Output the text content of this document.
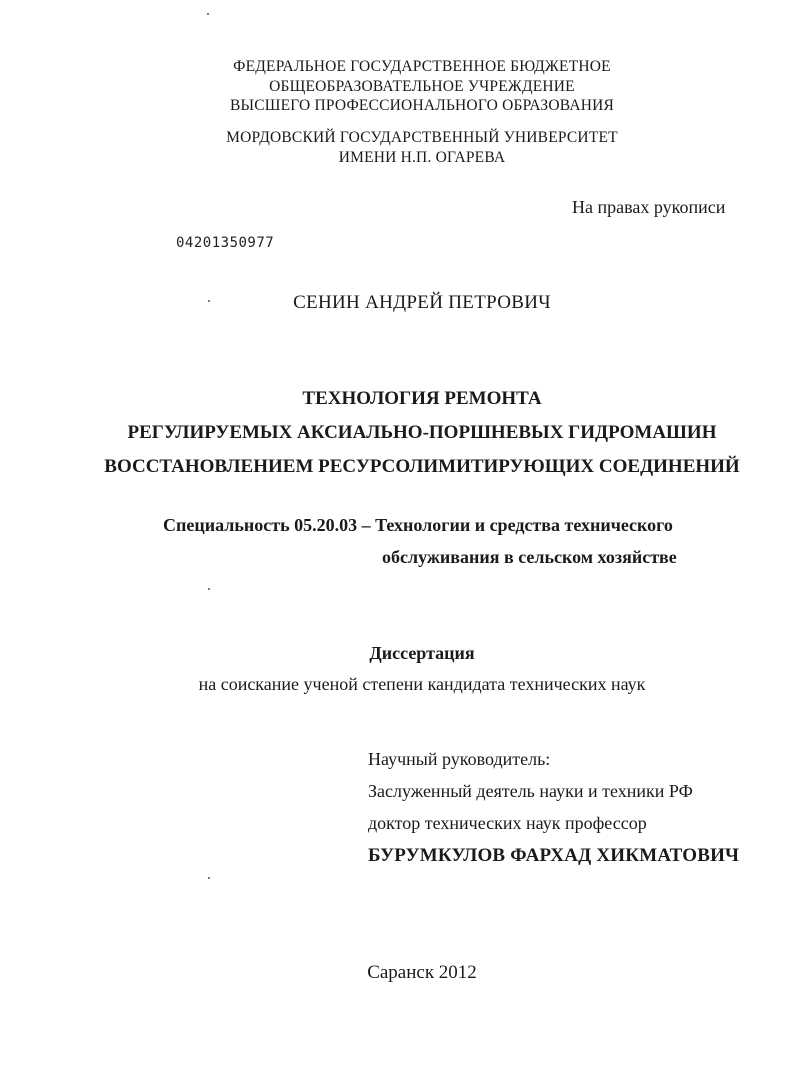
ФЕДЕРАЛЬНОЕ ГОСУДАРСТВЕННОЕ БЮДЖЕТНОЕ
ОБЩЕОБРАЗОВАТЕЛЬНОЕ УЧРЕЖДЕНИЕ
ВЫСШЕГО ПРОФЕССИОНАЛЬНОГО ОБРАЗОВАНИЯ
МОРДОВСКИЙ ГОСУДАРСТВЕННЫЙ УНИВЕРСИТЕТ
ИМЕНИ Н.П. ОГАРЕВА
На правах рукописи
04201350977
СЕНИН АНДРЕЙ ПЕТРОВИЧ
ТЕХНОЛОГИЯ РЕМОНТА
РЕГУЛИРУЕМЫХ АКСИАЛЬНО-ПОРШНЕВЫХ ГИДРОМАШИН
ВОССТАНОВЛЕНИЕМ РЕСУРСОЛИМИТИРУЮЩИХ СОЕДИНЕНИЙ
Специальность 05.20.03 – Технологии и средства технического
обслуживания в сельском хозяйстве
Диссертация
на соискание ученой степени кандидата технических наук
Научный руководитель:
Заслуженный деятель науки и техники РФ
доктор технических наук профессор
БУРУМКУЛОВ ФАРХАД ХИКМАТОВИЧ
Саранск 2012
